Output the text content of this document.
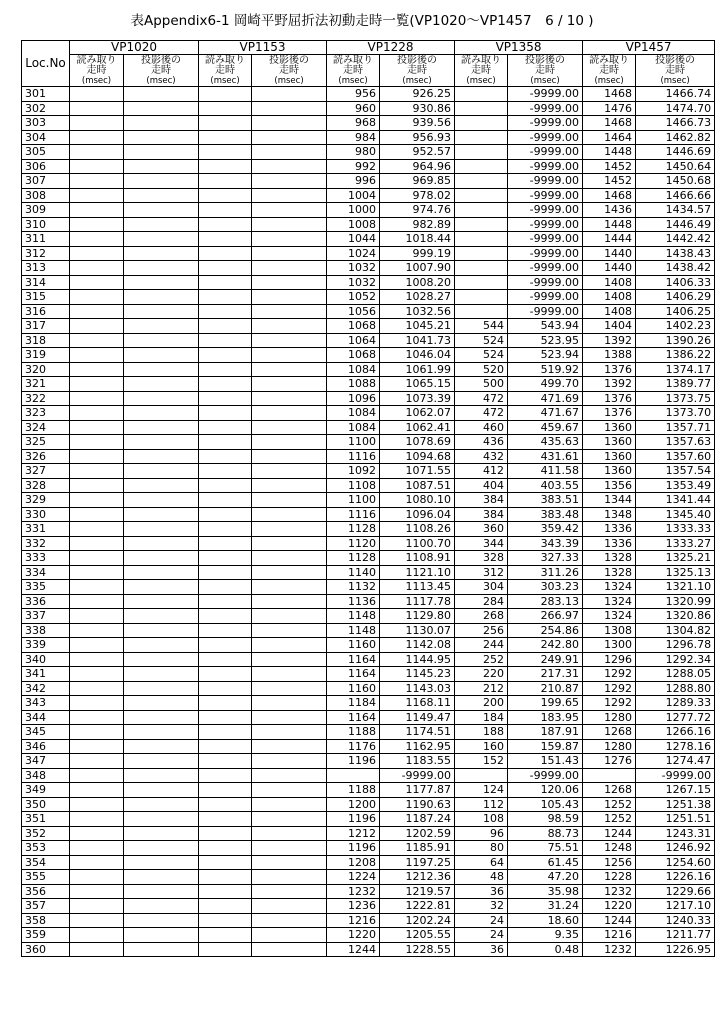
表Appendix6-1 岡崎平野屈折法初動走時一覧(VP1020〜VP1457　6 / 10 )
Loc.No	VP1020		VP1153		VP1228		VP1358		VP1457	

	読み取り
走時
(msec)	投影後の
走時
(msec)	読み取り
走時
(msec)	投影後の
走時
(msec)	読み取り
走時
(msec)	投影後の
走時
(msec)	読み取り
走時
(msec)	投影後の
走時
(msec)	読み取り
走時
(msec)	投影後の
走時
(msec)

301					956	926.25		-9999.00	1468	1466.74
302					960	930.86		-9999.00	1476	1474.70
303					968	939.56		-9999.00	1468	1466.73
304					984	956.93		-9999.00	1464	1462.82
305					980	952.57		-9999.00	1448	1446.69
306					992	964.96		-9999.00	1452	1450.64
307					996	969.85		-9999.00	1452	1450.68
308					1004	978.02		-9999.00	1468	1466.66
309					1000	974.76		-9999.00	1436	1434.57
310					1008	982.89		-9999.00	1448	1446.49
311					1044	1018.44		-9999.00	1444	1442.42
312					1024	999.19		-9999.00	1440	1438.43
313					1032	1007.90		-9999.00	1440	1438.42
314					1032	1008.20		-9999.00	1408	1406.33
315					1052	1028.27		-9999.00	1408	1406.29
316					1056	1032.56		-9999.00	1408	1406.25
317					1068	1045.21	544	543.94	1404	1402.23
318					1064	1041.73	524	523.95	1392	1390.26
319					1068	1046.04	524	523.94	1388	1386.22
320					1084	1061.99	520	519.92	1376	1374.17
321					1088	1065.15	500	499.70	1392	1389.77
322					1096	1073.39	472	471.69	1376	1373.75
323					1084	1062.07	472	471.67	1376	1373.70
324					1084	1062.41	460	459.67	1360	1357.71
325					1100	1078.69	436	435.63	1360	1357.63
326					1116	1094.68	432	431.61	1360	1357.60
327					1092	1071.55	412	411.58	1360	1357.54
328					1108	1087.51	404	403.55	1356	1353.49
329					1100	1080.10	384	383.51	1344	1341.44
330					1116	1096.04	384	383.48	1348	1345.40
331					1128	1108.26	360	359.42	1336	1333.33
332					1120	1100.70	344	343.39	1336	1333.27
333					1128	1108.91	328	327.33	1328	1325.21
334					1140	1121.10	312	311.26	1328	1325.13
335					1132	1113.45	304	303.23	1324	1321.10
336					1136	1117.78	284	283.13	1324	1320.99
337					1148	1129.80	268	266.97	1324	1320.86
338					1148	1130.07	256	254.86	1308	1304.82
339					1160	1142.08	244	242.80	1300	1296.78
340					1164	1144.95	252	249.91	1296	1292.34
341					1164	1145.23	220	217.31	1292	1288.05
342					1160	1143.03	212	210.87	1292	1288.80
343					1184	1168.11	200	199.65	1292	1289.33
344					1164	1149.47	184	183.95	1280	1277.72
345					1188	1174.51	188	187.91	1268	1266.16
346					1176	1162.95	160	159.87	1280	1278.16
347					1196	1183.55	152	151.43	1276	1274.47
348						-9999.00		-9999.00		-9999.00
349					1188	1177.87	124	120.06	1268	1267.15
350					1200	1190.63	112	105.43	1252	1251.38
351					1196	1187.24	108	98.59	1252	1251.51
352					1212	1202.59	96	88.73	1244	1243.31
353					1196	1185.91	80	75.51	1248	1246.92
354					1208	1197.25	64	61.45	1256	1254.60
355					1224	1212.36	48	47.20	1228	1226.16
356					1232	1219.57	36	35.98	1232	1229.66
357					1236	1222.81	32	31.24	1220	1217.10
358					1216	1202.24	24	18.60	1244	1240.33
359					1220	1205.55	24	9.35	1216	1211.77
360					1244	1228.55	36	0.48	1232	1226.95
